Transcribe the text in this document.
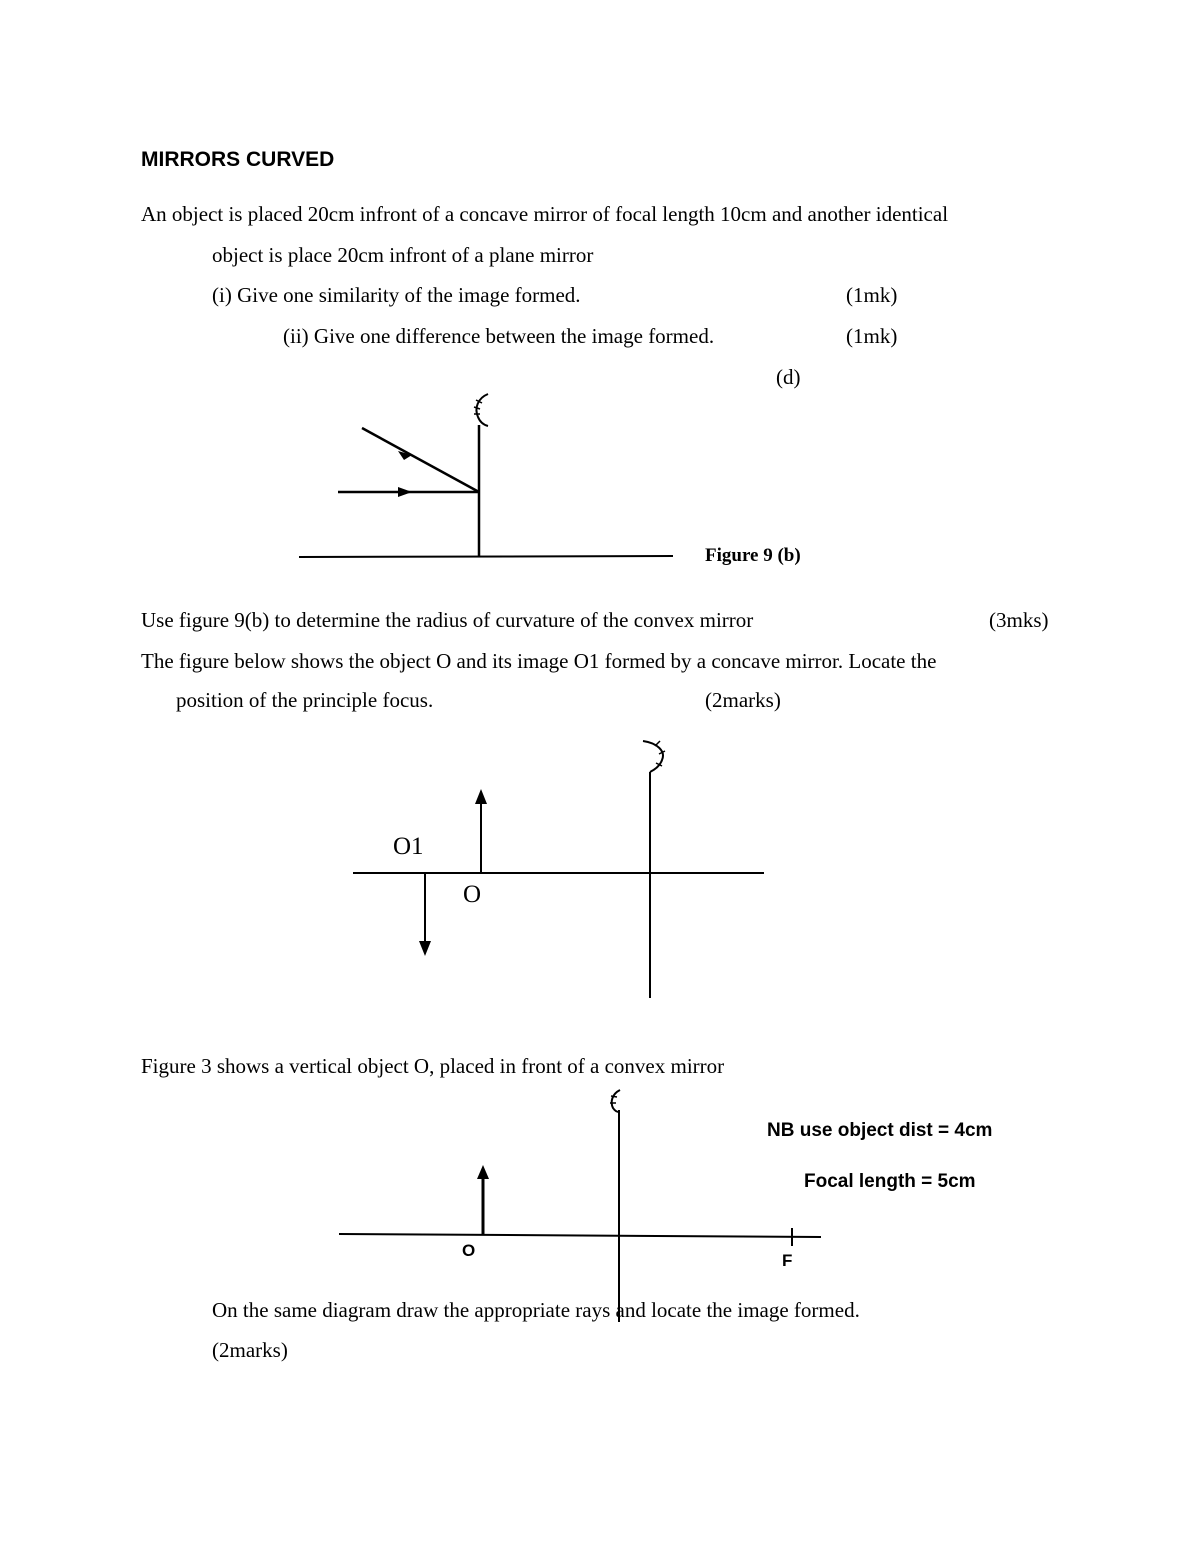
MIRRORS CURVED
An object is placed 20cm infront of a concave mirror of focal length 10cm and another identical
object is place 20cm infront of a plane mirror
(i) Give one similarity of the image formed.	(1mk)
(ii) Give one difference between the image formed.	(1mk)
(d)
Figure 9 (b)
Use figure 9(b) to determine the radius of curvature of the convex mirror	(3mks)
The figure below shows the object O and its image O1 formed by a concave mirror. Locate the
position of the principle focus.	(2marks)
O1
O
Figure 3 shows a vertical object O, placed in front of a convex mirror
O
F
NB use object dist = 4cm
Focal length = 5cm
On the same diagram draw the appropriate rays and locate the image formed.
(2marks)
